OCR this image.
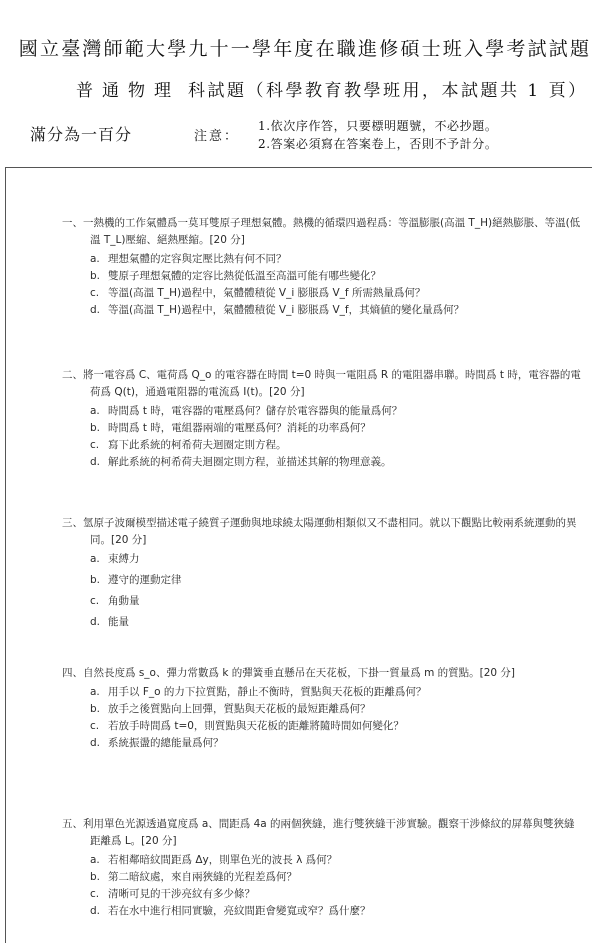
國立臺灣師範大學九十一學年度在職進修碩士班入學考試試題
普通物理 科試題（科學教育教學班用，本試題共 1 頁）
滿分為一百分	注意：
1.依次序作答，只要標明題號，不必抄題。
2.答案必須寫在答案卷上，否則不予計分。
一、一熱機的工作氣體爲一莫耳雙原子理想氣體。熱機的循環四過程爲：等溫膨脹(高溫 T_H)絕熱膨脹、等溫(低溫 T_L)壓縮、絕熱壓縮。[20 分]
a. 理想氣體的定容與定壓比熱有何不同？
b. 雙原子理想氣體的定容比熱從低溫至高溫可能有哪些變化？
c. 等溫(高溫 T_H)過程中，氣體體積從 V_i 膨脹爲 V_f 所需熱量爲何？
d. 等溫(高溫 T_H)過程中，氣體體積從 V_i 膨脹爲 V_f，其熵値的變化量爲何？
二、將一電容爲 C、電荷爲 Q_o 的電容器在時間 t=0 時與一電阻爲 R 的電阻器串聯。時間爲 t 時，電容器的電荷爲 Q(t)，通過電阻器的電流爲 I(t)。[20 分]
a. 時間爲 t 時，電容器的電壓爲何？儲存於電容器與的能量爲何？
b. 時間爲 t 時，電組器兩端的電壓爲何？消耗的功率爲何？
c. 寫下此系統的柯希荷夫迴圈定則方程。
d. 解此系統的柯希荷夫迴圈定則方程，並描述其解的物理意義。
三、氫原子波爾模型描述電子繞質子運動與地球繞太陽運動相類似又不盡相同。就以下觀點比較兩系統運動的異同。[20 分]
a. 束縛力
b. 遵守的運動定律
c. 角動量
d. 能量
四、自然長度爲 s_o、彈力常數爲 k 的彈簧垂直懸吊在天花板，下掛一質量爲 m 的質點。[20 分]
a. 用手以 F_o 的力下拉質點，靜止不衡時，質點與天花板的距離爲何？
b. 放手之後質點向上回彈，質點與天花板的最短距離爲何？
c. 若放手時間爲 t=0，則質點與天花板的距離將隨時間如何變化？
d. 系統振盪的總能量爲何？
五、利用單色光源透過寬度爲 a、間距爲 4a 的兩個狹縫，進行雙狹縫干涉實驗。觀察干涉條紋的屏幕與雙狹縫距離爲 L。[20 分]
a. 若相鄰暗紋間距爲 Δy，則單色光的波長 λ 爲何？
b. 第二暗紋處，來自兩狹縫的光程差爲何？
c. 清晰可見的干涉亮紋有多少條？
d. 若在水中進行相同實驗，亮紋間距會變寬或窄？爲什麼？
